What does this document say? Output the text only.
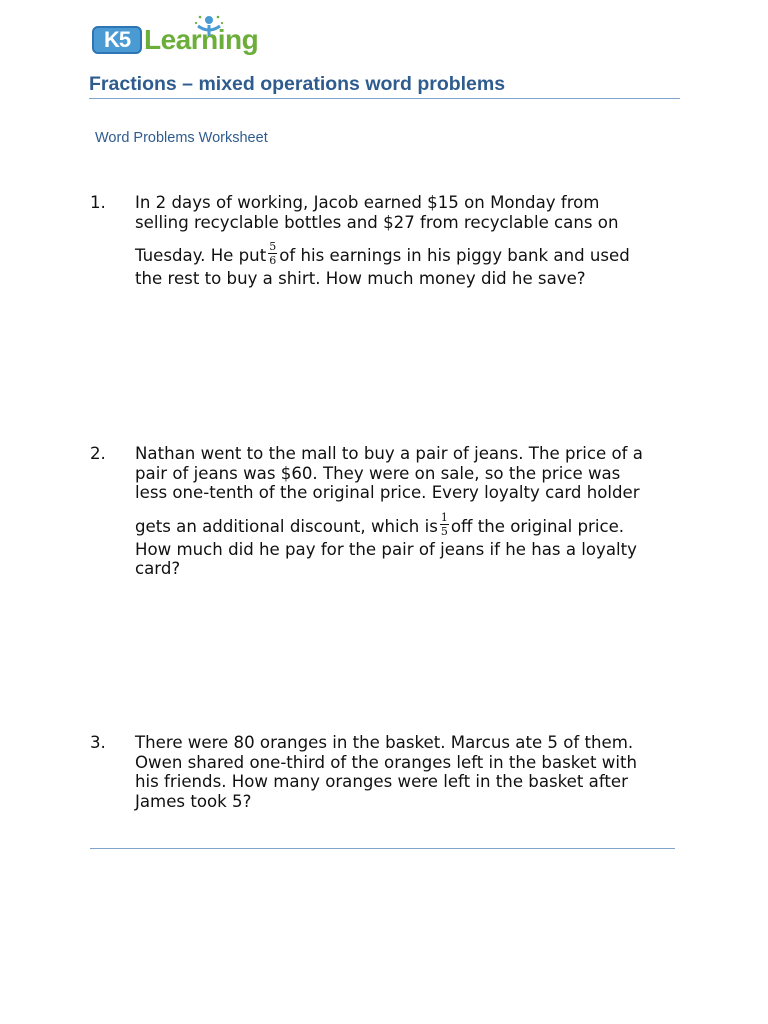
K5 Learning
Fractions – mixed operations word problems
Word Problems Worksheet
1.	In 2 days of working, Jacob earned $15 on Monday from
selling recyclable bottles and $27 from recyclable cans on
Tuesday. He put $\frac{5}{6}$ of his earnings in his piggy bank and used
the rest to buy a shirt. How much money did he save?
2.	Nathan went to the mall to buy a pair of jeans. The price of a
pair of jeans was $60. They were on sale, so the price was
less one-tenth of the original price. Every loyalty card holder
gets an additional discount, which is $\frac{1}{5}$ off the original price.
How much did he pay for the pair of jeans if he has a loyalty
card?
3.	There were 80 oranges in the basket. Marcus ate 5 of them.
Owen shared one-third of the oranges left in the basket with
his friends. How many oranges were left in the basket after
James took 5?
